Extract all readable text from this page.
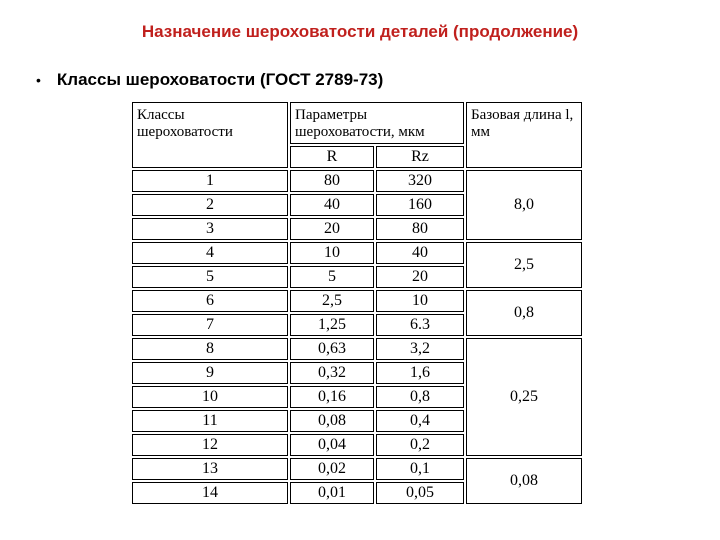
Назначение шероховатости деталей (продолжение)
• Классы шероховатости (ГОСТ 2789-73)
Классы шероховатости	Параметры шероховатости, мкм		Базовая длина l, мм
	R	Rz	
1	80	320	8,0
2	40	160	
3	20	80	
4	10	40	2,5
5	5	20	
6	2,5	10	0,8
7	1,25	6.3	
8	0,63	3,2	0,25
9	0,32	1,6	
10	0,16	0,8	
11	0,08	0,4	
12	0,04	0,2	
13	0,02	0,1	0,08
14	0,01	0,05	
